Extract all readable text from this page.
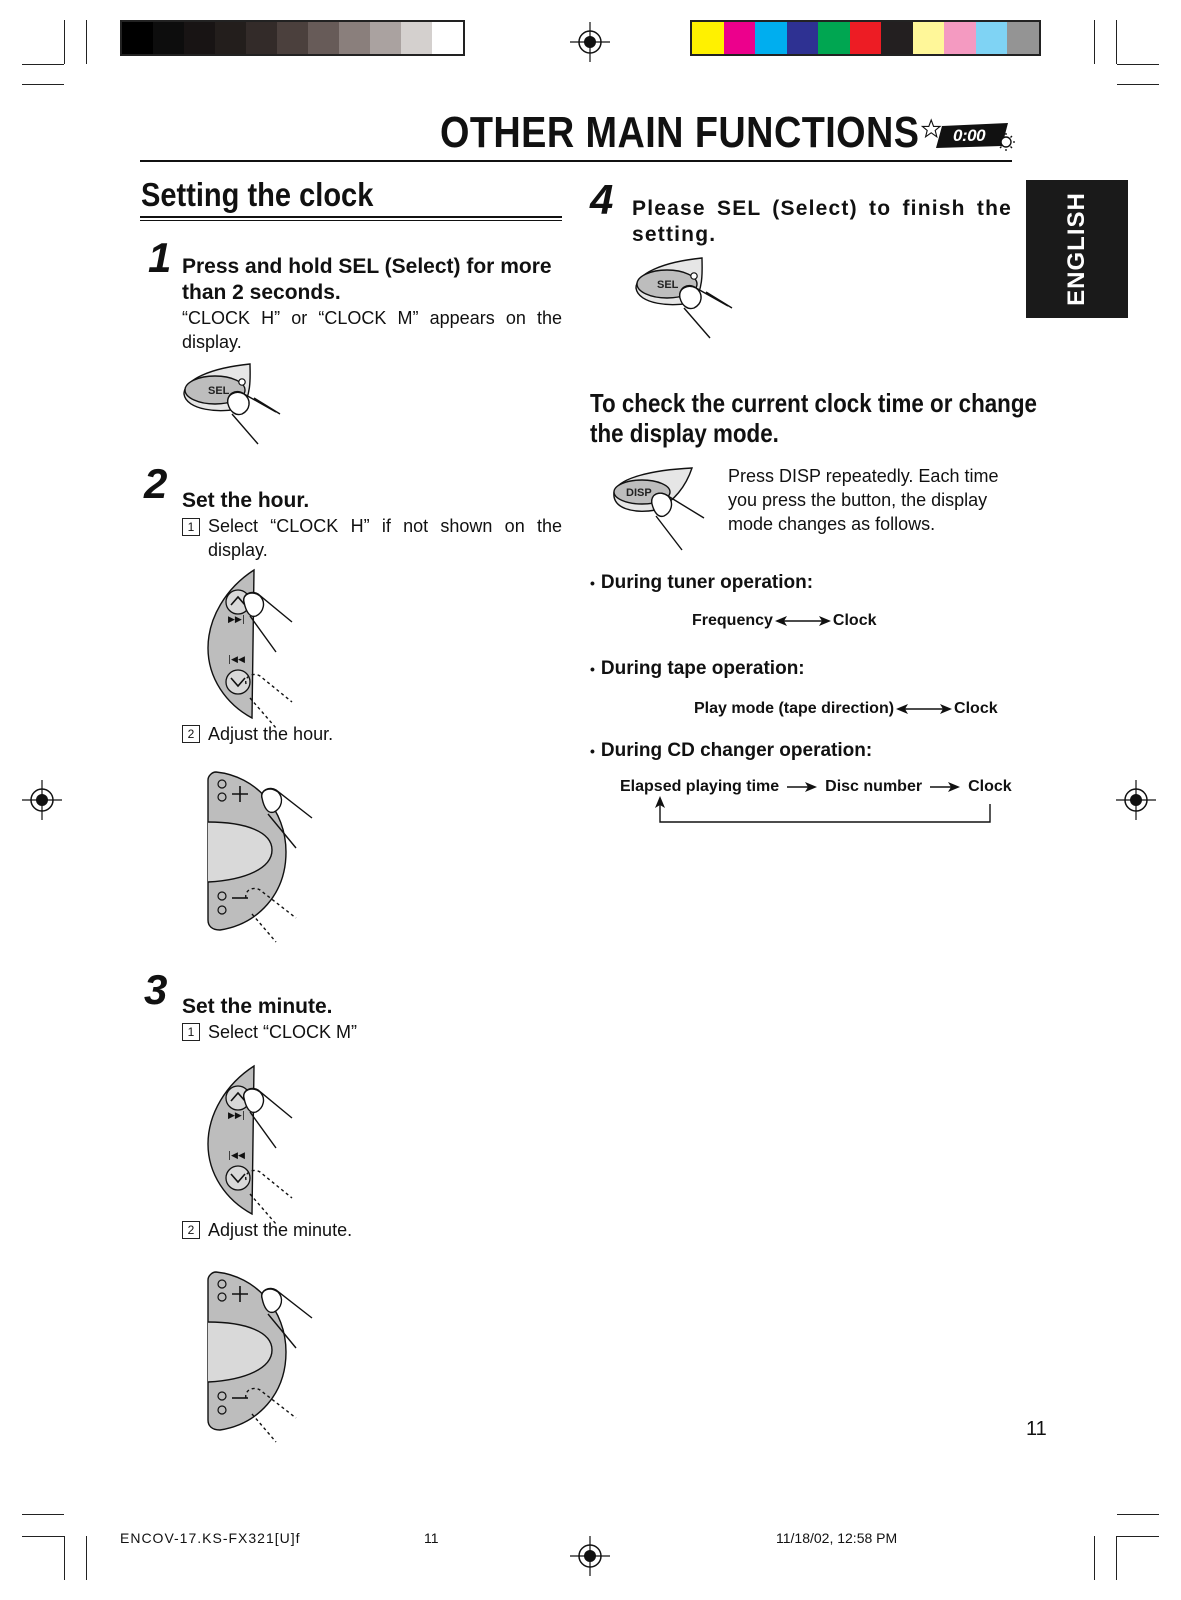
OTHER MAIN FUNCTIONS 0:00
ENGLISH
Setting the clock
1 Press and hold SEL (Select) for more than 2 seconds.
“CLOCK H” or “CLOCK M” appears on the display.
SEL
2 Set the hour.
1 Select “CLOCK H” if not shown on the display.
▶▶|
|◀◀
2 Adjust the hour.
3 Set the minute.
1 Select “CLOCK M”
▶▶|
|◀◀
2 Adjust the minute.
4 Please SEL (Select) to finish the setting.
SEL
To check the current clock time or change
the display mode.
DISP
Press DISP repeatedly. Each time you press the button, the display mode changes as follows.
• During tuner operation:
Frequency	Clock
• During tape operation:
Play mode (tape direction)	Clock
• During CD changer operation:
Elapsed playing time	Disc number	Clock
11
ENCOV-17.KS-FX321[U]f	11	11/18/02, 12:58 PM
